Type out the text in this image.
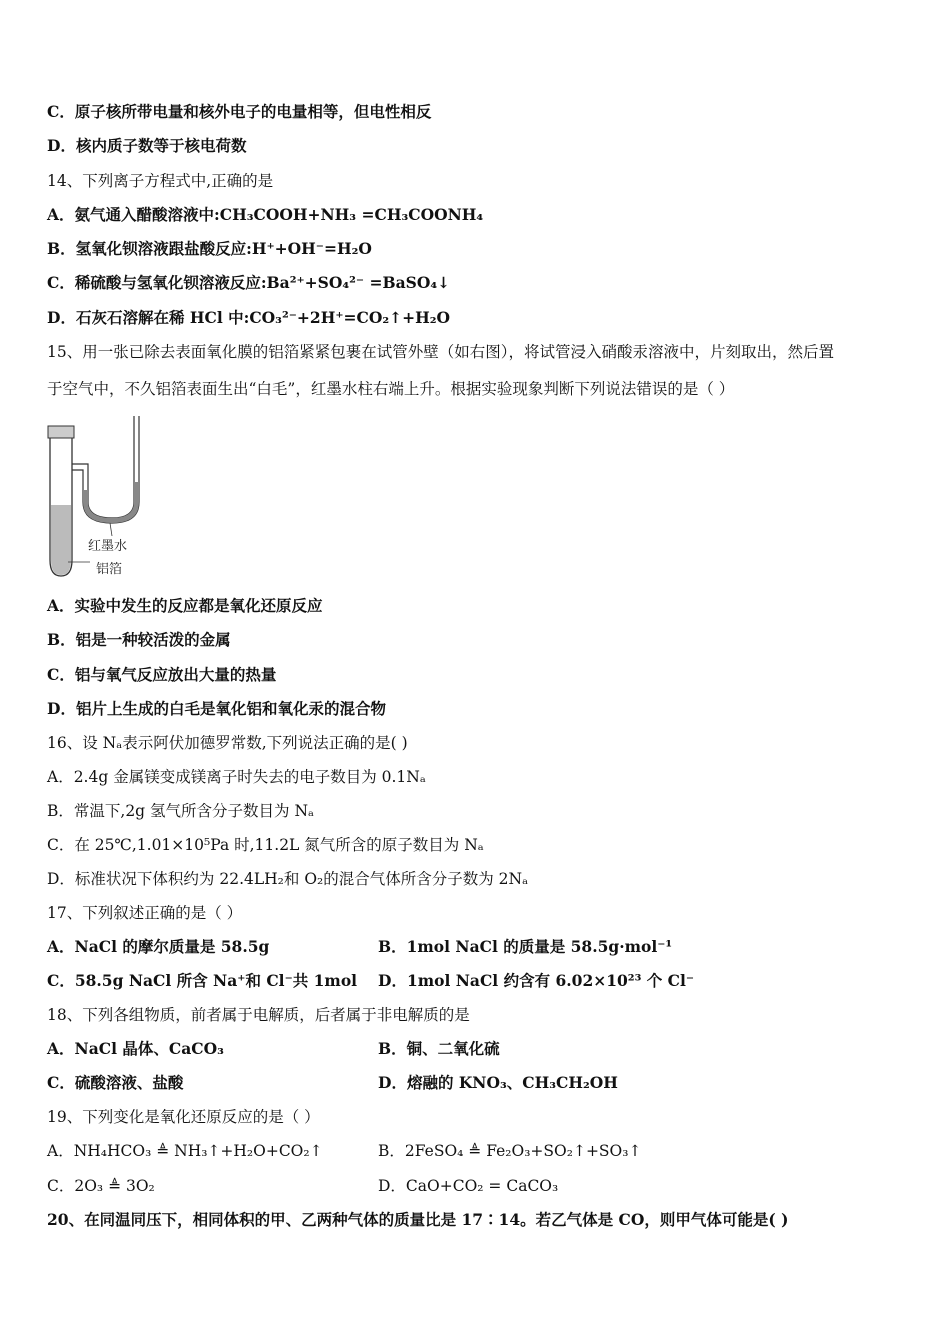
C．原子核所带电量和核外电子的电量相等，但电性相反
D．核内质子数等于核电荷数
14、下列离子方程式中,正确的是
A．氨气通入醋酸溶液中:CH₃COOH+NH₃ =CH₃COONH₄
B．氢氧化钡溶液跟盐酸反应:H⁺+OH⁻=H₂O
C．稀硫酸与氢氧化钡溶液反应:Ba²⁺+SO₄²⁻ =BaSO₄↓
D．石灰石溶解在稀 HCl 中:CO₃²⁻+2H⁺=CO₂↑+H₂O
15、用一张已除去表面氧化膜的铝箔紧紧包裹在试管外壁（如右图），将试管浸入硝酸汞溶液中，片刻取出，然后置
于空气中，不久铝箔表面生出“白毛”，红墨水柱右端上升。根据实验现象判断下列说法错误的是（ ）
红墨水
铝箔
A．实验中发生的反应都是氧化还原反应
B．铝是一种较活泼的金属
C．铝与氧气反应放出大量的热量
D．铝片上生成的白毛是氧化铝和氧化汞的混合物
16、设 Nₐ表示阿伏加德罗常数,下列说法正确的是( )
A．2.4g 金属镁变成镁离子时失去的电子数目为 0.1Nₐ
B．常温下,2g 氢气所含分子数目为 Nₐ
C．在 25℃,1.01×10⁵Pa 时,11.2L 氮气所含的原子数目为 Nₐ
D．标准状况下体积约为 22.4LH₂和 O₂的混合气体所含分子数为 2Nₐ
17、下列叙述正确的是（ ）
A．NaCl 的摩尔质量是 58.5g	B．1mol NaCl 的质量是 58.5g·mol⁻¹
C．58.5g NaCl 所含 Na⁺和 Cl⁻共 1mol D．1mol NaCl 约含有 6.02×10²³ 个 Cl⁻
18、下列各组物质，前者属于电解质，后者属于非电解质的是
A．NaCl 晶体、CaCO₃	B．铜、二氧化硫
C．硫酸溶液、盐酸	D．熔融的 KNO₃、CH₃CH₂OH
19、下列变化是氧化还原反应的是（ ）
A．NH₄HCO₃ ≜ NH₃↑+H₂O+CO₂↑	B．2FeSO₄ ≜ Fe₂O₃+SO₂↑+SO₃↑
C．2O₃ ≜ 3O₂	D．CaO+CO₂ = CaCO₃
20、在同温同压下，相同体积的甲、乙两种气体的质量比是 17∶14。若乙气体是 CO，则甲气体可能是( )
